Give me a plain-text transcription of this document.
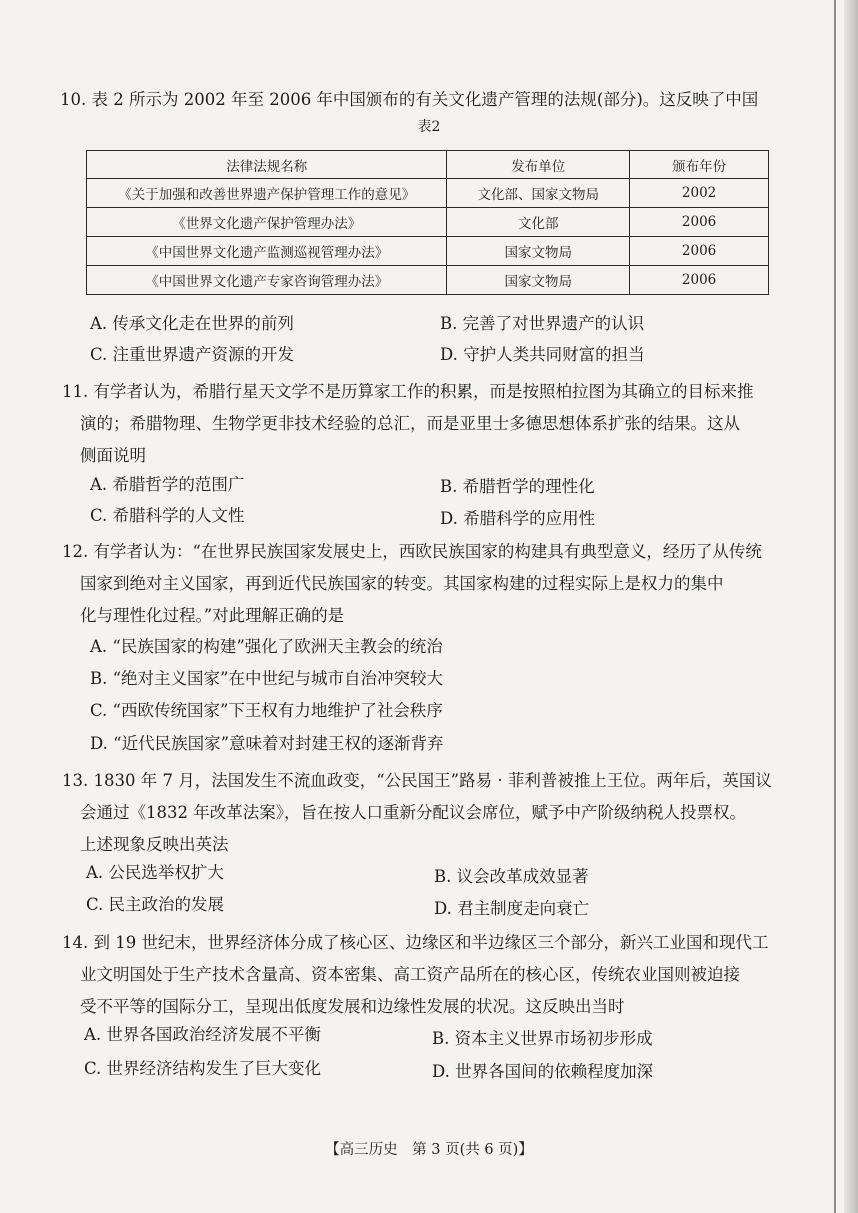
10. 表 2 所示为 2002 年至 2006 年中国颁布的有关文化遗产管理的法规(部分)。这反映了中国

表2
法律法规名称	发布单位	颁布年份
《关于加强和改善世界遗产保护管理工作的意见》	文化部、国家文物局	2002
《世界文化遗产保护管理办法》	文化部	2006
《中国世界文化遗产监测巡视管理办法》	国家文物局	2006
《中国世界文化遗产专家咨询管理办法》	国家文物局	2006
A. 传承文化走在世界的前列	B. 完善了对世界遗产的认识
C. 注重世界遗产资源的开发	D. 守护人类共同财富的担当

11. 有学者认为，希腊行星天文学不是历算家工作的积累，而是按照柏拉图为其确立的目标来推

演的；希腊物理、生物学更非技术经验的总汇，而是亚里士多德思想体系扩张的结果。这从

侧面说明

A. 希腊哲学的范围广	B. 希腊哲学的理性化
C. 希腊科学的人文性	D. 希腊科学的应用性

12. 有学者认为：“在世界民族国家发展史上，西欧民族国家的构建具有典型意义，经历了从传统

国家到绝对主义国家，再到近代民族国家的转变。其国家构建的过程实际上是权力的集中

化与理性化过程。”对此理解正确的是

A. “民族国家的构建”强化了欧洲天主教会的统治
B. “绝对主义国家”在中世纪与城市自治冲突较大
C. “西欧传统国家”下王权有力地维护了社会秩序
D. “近代民族国家”意味着对封建王权的逐渐背弃

13. 1830 年 7 月，法国发生不流血政变，“公民国王”路易 · 菲利普被推上王位。两年后，英国议

会通过《1832 年改革法案》，旨在按人口重新分配议会席位，赋予中产阶级纳税人投票权。

上述现象反映出英法

A. 公民选举权扩大	B. 议会改革成效显著
C. 民主政治的发展	D. 君主制度走向衰亡

14. 到 19 世纪末，世界经济体分成了核心区、边缘区和半边缘区三个部分，新兴工业国和现代工

业文明国处于生产技术含量高、资本密集、高工资产品所在的核心区，传统农业国则被迫接

受不平等的国际分工，呈现出低度发展和边缘性发展的状况。这反映出当时

A. 世界各国政治经济发展不平衡	B. 资本主义世界市场初步形成
C. 世界经济结构发生了巨大变化	D. 世界各国间的依赖程度加深
【高三历史　第 3 页(共 6 页)】
